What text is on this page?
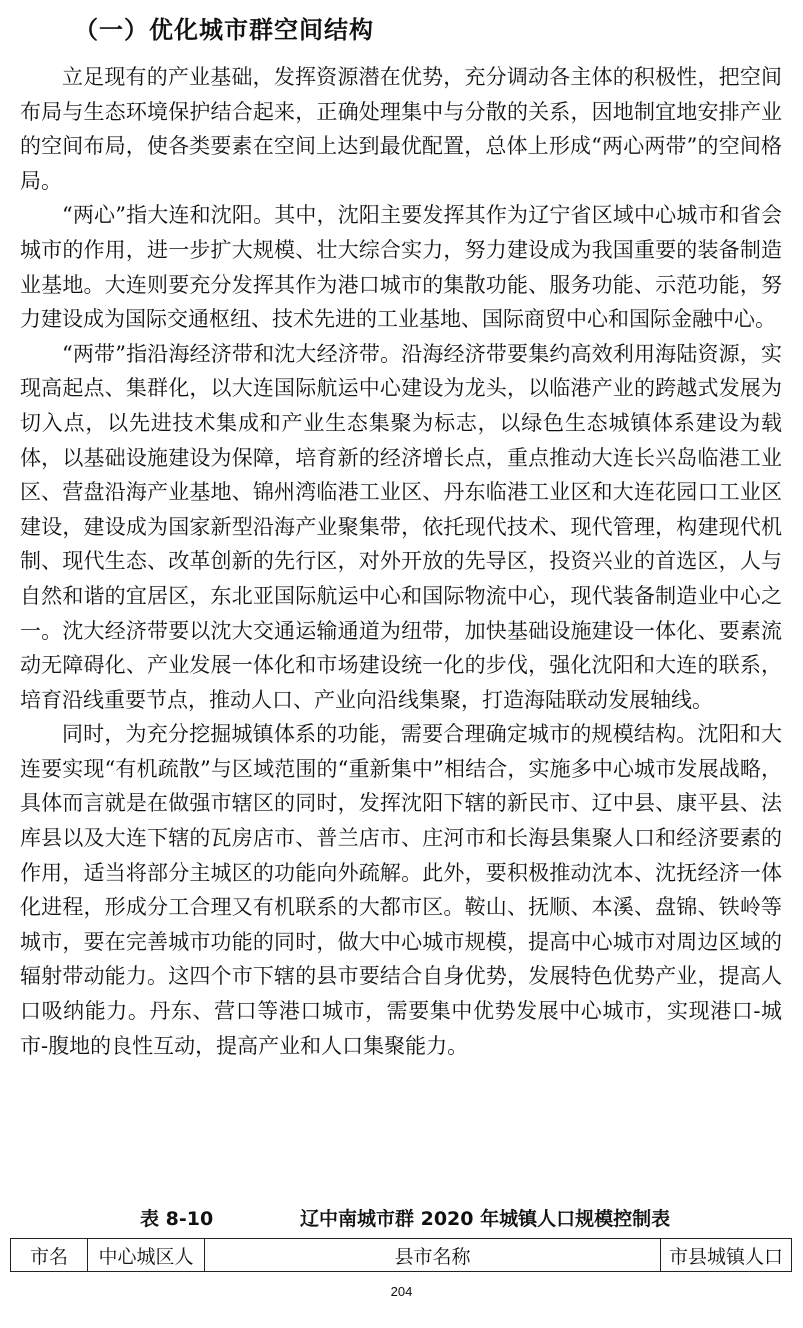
（一）优化城市群空间结构

立足现有的产业基础，发挥资源潜在优势，充分调动各主体的积极性，把空间布局与生态环境保护结合起来，正确处理集中与分散的关系，因地制宜地安排产业的空间布局，使各类要素在空间上达到最优配置，总体上形成“两心两带”的空间格局。

“两心”指大连和沈阳。其中，沈阳主要发挥其作为辽宁省区域中心城市和省会城市的作用，进一步扩大规模、壮大综合实力，努力建设成为我国重要的装备制造业基地。大连则要充分发挥其作为港口城市的集散功能、服务功能、示范功能，努力建设成为国际交通枢纽、技术先进的工业基地、国际商贸中心和国际金融中心。

“两带”指沿海经济带和沈大经济带。沿海经济带要集约高效利用海陆资源，实现高起点、集群化，以大连国际航运中心建设为龙头，以临港产业的跨越式发展为切入点，以先进技术集成和产业生态集聚为标志，以绿色生态城镇体系建设为载体，以基础设施建设为保障，培育新的经济增长点，重点推动大连长兴岛临港工业区、营盘沿海产业基地、锦州湾临港工业区、丹东临港工业区和大连花园口工业区建设，建设成为国家新型沿海产业聚集带，依托现代技术、现代管理，构建现代机制、现代生态、改革创新的先行区，对外开放的先导区，投资兴业的首选区，人与自然和谐的宜居区，东北亚国际航运中心和国际物流中心，现代装备制造业中心之一。沈大经济带要以沈大交通运输通道为纽带，加快基础设施建设一体化、要素流动无障碍化、产业发展一体化和市场建设统一化的步伐，强化沈阳和大连的联系，培育沿线重要节点，推动人口、产业向沿线集聚，打造海陆联动发展轴线。

同时，为充分挖掘城镇体系的功能，需要合理确定城市的规模结构。沈阳和大连要实现“有机疏散”与区域范围的“重新集中”相结合，实施多中心城市发展战略，具体而言就是在做强市辖区的同时，发挥沈阳下辖的新民市、辽中县、康平县、法库县以及大连下辖的瓦房店市、普兰店市、庄河市和长海县集聚人口和经济要素的作用，适当将部分主城区的功能向外疏解。此外，要积极推动沈本、沈抚经济一体化进程，形成分工合理又有机联系的大都市区。鞍山、抚顺、本溪、盘锦、铁岭等城市，要在完善城市功能的同时，做大中心城市规模，提高中心城市对周边区域的辐射带动能力。这四个市下辖的县市要结合自身优势，发展特色优势产业，提高人口吸纳能力。丹东、营口等港口城市，需要集中优势发展中心城市，实现港口-城市-腹地的良性互动，提高产业和人口集聚能力。

表 8-10	辽中南城市群 2020 年城镇人口规模控制表
市名	中心城区人	县市名称	市县城镇人口
204
